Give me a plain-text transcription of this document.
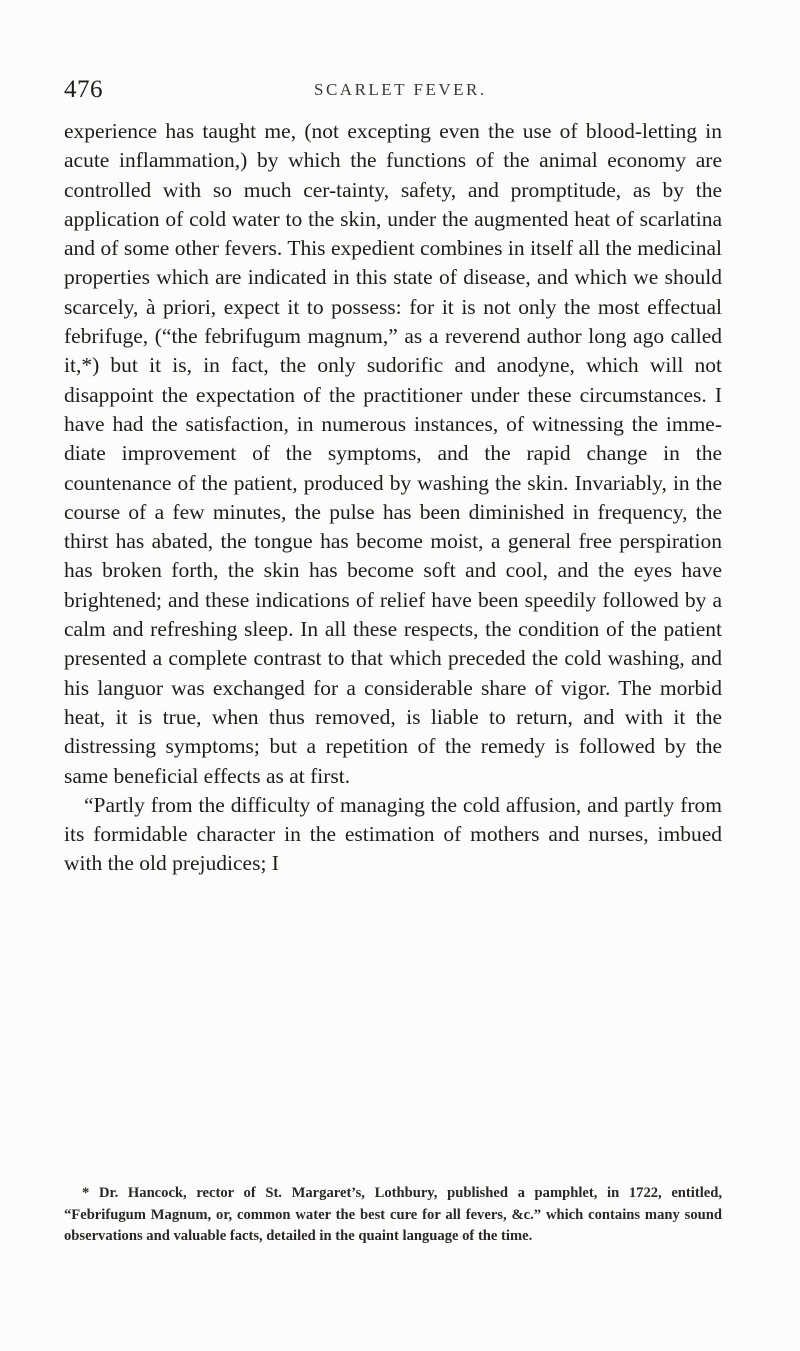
476	SCARLET FEVER.

experience has taught me, (not excepting even the use of blood-letting in acute inflammation,) by which the functions of the animal economy are controlled with so much cer-tainty, safety, and promptitude, as by the application of cold water to the skin, under the augmented heat of scarlatina and of some other fevers. This expedient combines in itself all the medicinal properties which are indicated in this state of disease, and which we should scarcely, à priori, expect it to possess: for it is not only the most effectual febrifuge, (“the febrifugum magnum,” as a reverend author long ago called it,*) but it is, in fact, the only sudorific and anodyne, which will not disappoint the expectation of the practitioner under these circumstances. I have had the satisfaction, in numerous instances, of witnessing the imme-diate improvement of the symptoms, and the rapid change in the countenance of the patient, produced by washing the skin. Invariably, in the course of a few minutes, the pulse has been diminished in frequency, the thirst has abated, the tongue has become moist, a general free perspiration has broken forth, the skin has become soft and cool, and the eyes have brightened; and these indications of relief have been speedily followed by a calm and refreshing sleep. In all these respects, the condition of the patient presented a complete contrast to that which preceded the cold washing, and his languor was exchanged for a considerable share of vigor. The morbid heat, it is true, when thus removed, is liable to return, and with it the distressing symptoms; but a repetition of the remedy is followed by the same beneficial effects as at first.

“Partly from the difficulty of managing the cold affusion, and partly from its formidable character in the estimation of mothers and nurses, imbued with the old prejudices; I

* Dr. Hancock, rector of St. Margaret’s, Lothbury, published a pamphlet, in 1722, entitled, “Febrifugum Magnum, or, common water the best cure for all fevers, &c.” which contains many sound observations and valuable facts, detailed in the quaint language of the time.
